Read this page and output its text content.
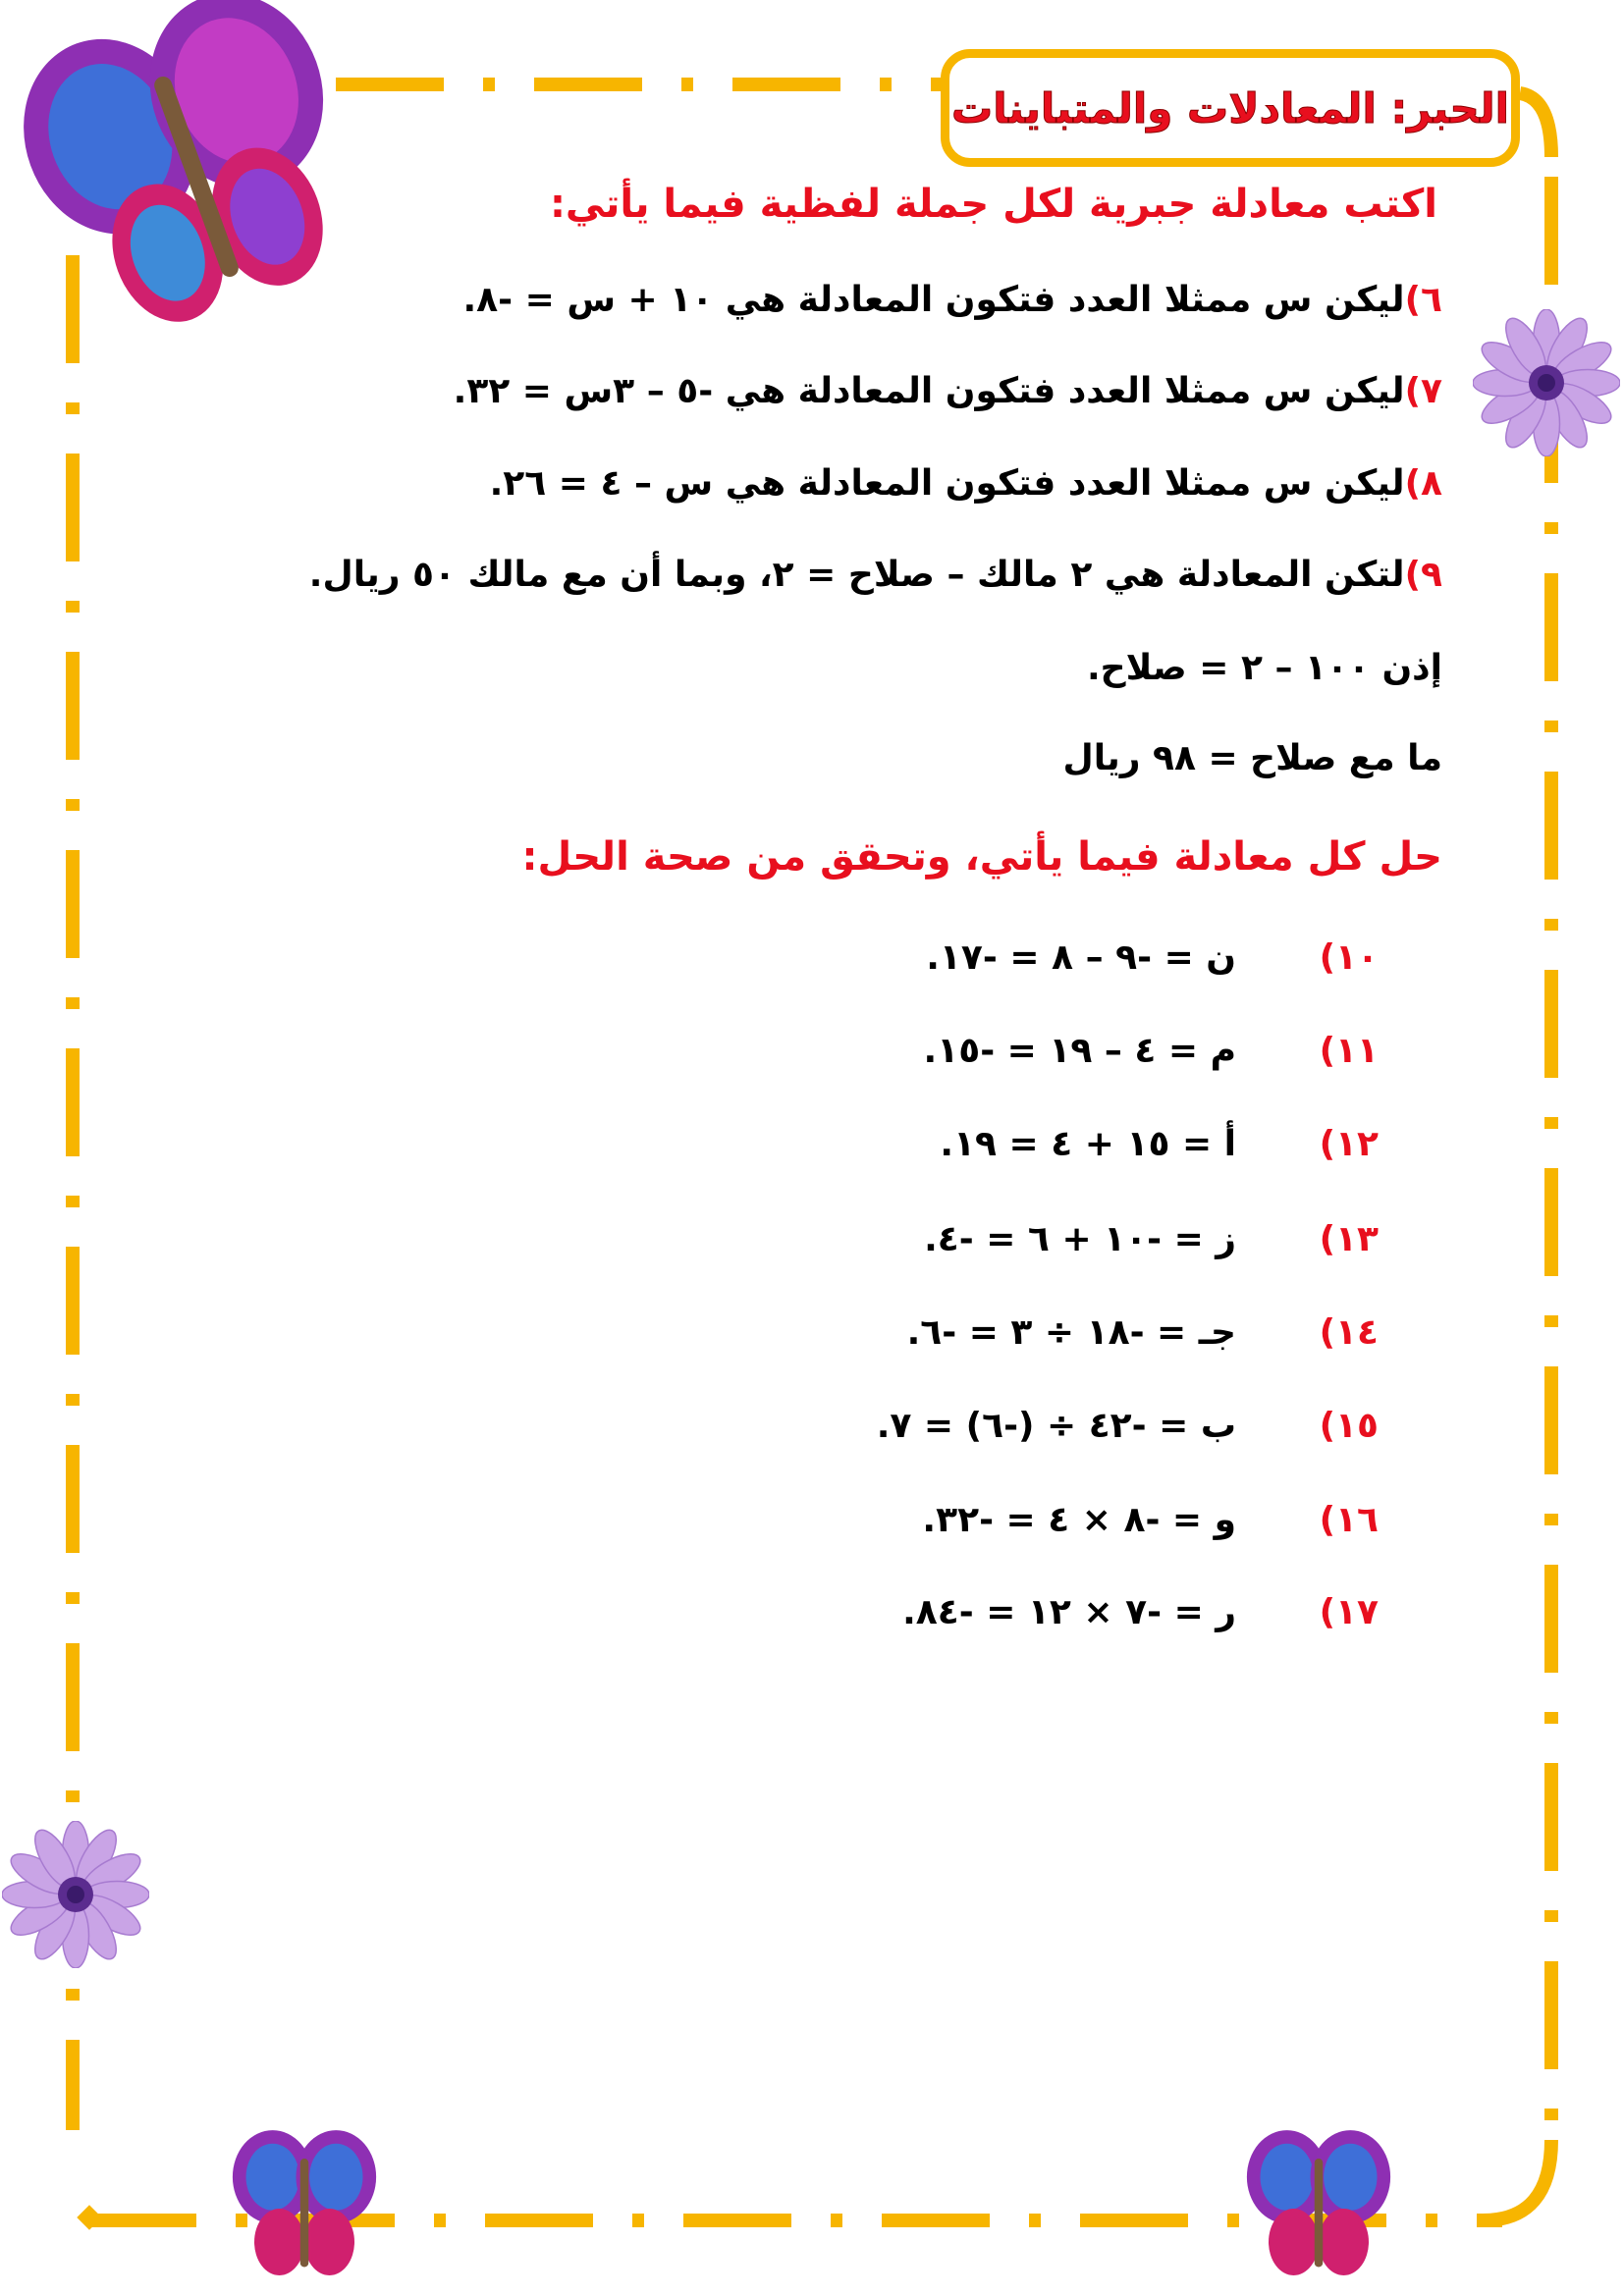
الحبر: المعادلات والمتباينات
اكتب معادلة جبرية لكل جملة لفظية فيما يأتي:
٦)ليكن س ممثلا العدد فتكون المعادلة هي ١٠ + س = -٨.
٧)ليكن س ممثلا العدد فتكون المعادلة هي -٥ – ٣س = ٣٢.
٨)ليكن س ممثلا العدد فتكون المعادلة هي س – ٤ = ٢٦.
٩)لتكن المعادلة هي ٢ مالك – صلاح = ٢، وبما أن مع مالك ٥٠ ريال.
إذن ١٠٠ – ٢ = صلاح.
ما مع صلاح = ٩٨ ريال
حل كل معادلة فيما يأتي، وتحقق من صحة الحل:
١٠)
ن = -٩ – ٨ = -١٧.
١١)
م = ٤ – ١٩ = -١٥.
١٢)
أ = ١٥ + ٤ = ١٩.
١٣)
ز = -١٠ + ٦ = -٤.
١٤)
جـ = -١٨ ÷ ٣ = -٦.
١٥)
ب = -٤٢ ÷ (-٦) = ٧.
١٦)
و = -٨ × ٤ = -٣٢.
١٧)
ر = -٧ × ١٢ = -٨٤.
